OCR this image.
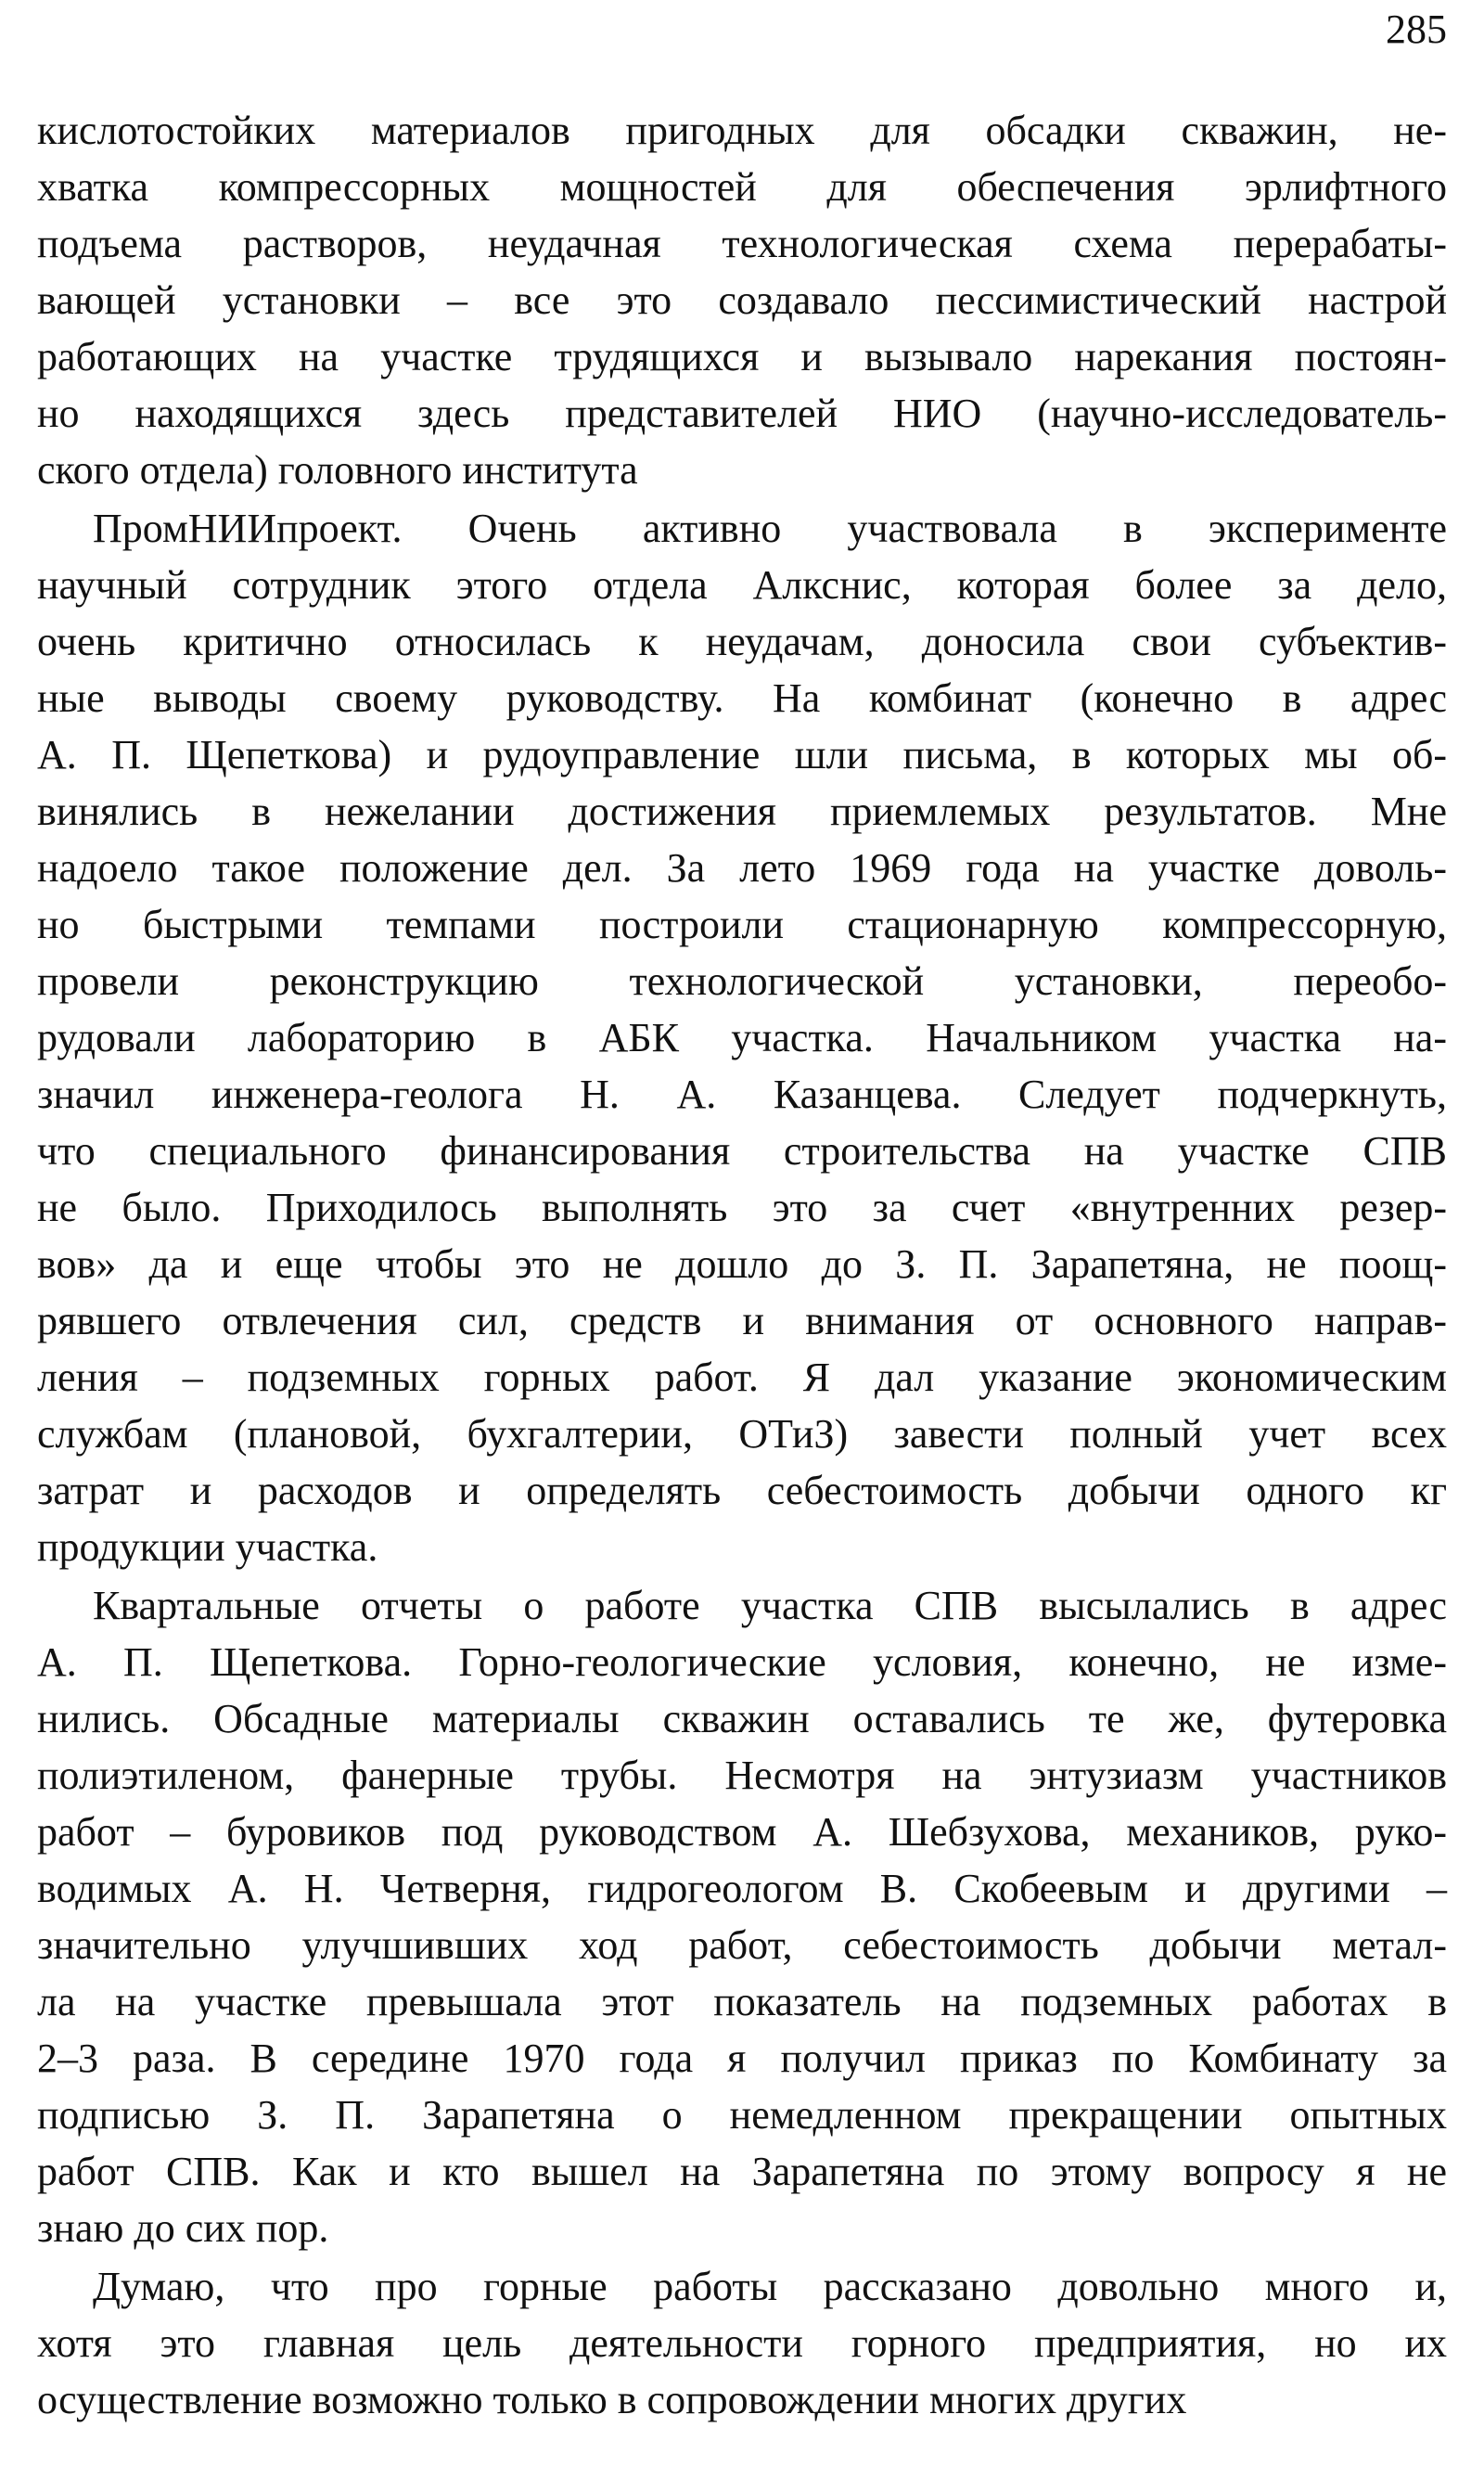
285
кислотостойких материалов пригодных для обсадки скважин, не-
хватка компрессорных мощностей для обеспечения эрлифтного
подъема растворов, неудачная технологическая схема перерабаты-
вающей установки – все это создавало пессимистический настрой
работающих на участке трудящихся и вызывало нарекания постоян-
но находящихся здесь представителей НИО (научно-исследователь-
ского отдела) головного института
ПромНИИпроект. Очень активно участвовала в эксперименте
научный сотрудник этого отдела Алкснис, которая более за дело,
очень критично относилась к неудачам, доносила свои субъектив-
ные выводы своему руководству. На комбинат (конечно в адрес
А. П. Щепеткова) и рудоуправление шли письма, в которых мы об-
винялись в нежелании достижения приемлемых результатов. Мне
надоело такое положение дел. За лето 1969 года на участке доволь-
но быстрыми темпами построили стационарную компрессорную,
провели реконструкцию технологической установки, переобо-
рудовали лабораторию в АБК участка. Начальником участка на-
значил инженера-геолога Н. А. Казанцева. Следует подчеркнуть,
что специального финансирования строительства на участке СПВ
не было. Приходилось выполнять это за счет «внутренних резер-
вов» да и еще чтобы это не дошло до З. П. Зарапетяна, не поощ-
рявшего отвлечения сил, средств и внимания от основного направ-
ления – подземных горных работ. Я дал указание экономическим
службам (плановой, бухгалтерии, ОТиЗ) завести полный учет всех
затрат и расходов и определять себестоимость добычи одного кг
продукции участка.
Квартальные отчеты о работе участка СПВ высылались в адрес
А. П. Щепеткова. Горно-геологические условия, конечно, не изме-
нились. Обсадные материалы скважин оставались те же, футеровка
полиэтиленом, фанерные трубы. Несмотря на энтузиазм участников
работ – буровиков под руководством А. Шебзухова, механиков, руко-
водимых А. Н. Четверня, гидрогеологом В. Скобеевым и другими –
значительно улучшивших ход работ, себестоимость добычи метал-
ла на участке превышала этот показатель на подземных работах в
2–3 раза. В середине 1970 года я получил приказ по Комбинату за
подписью З. П. Зарапетяна о немедленном прекращении опытных
работ СПВ. Как и кто вышел на Зарапетяна по этому вопросу я не
знаю до сих пор.
Думаю, что про горные работы рассказано довольно много и,
хотя это главная цель деятельности горного предприятия, но их
осуществление возможно только в сопровождении многих других
